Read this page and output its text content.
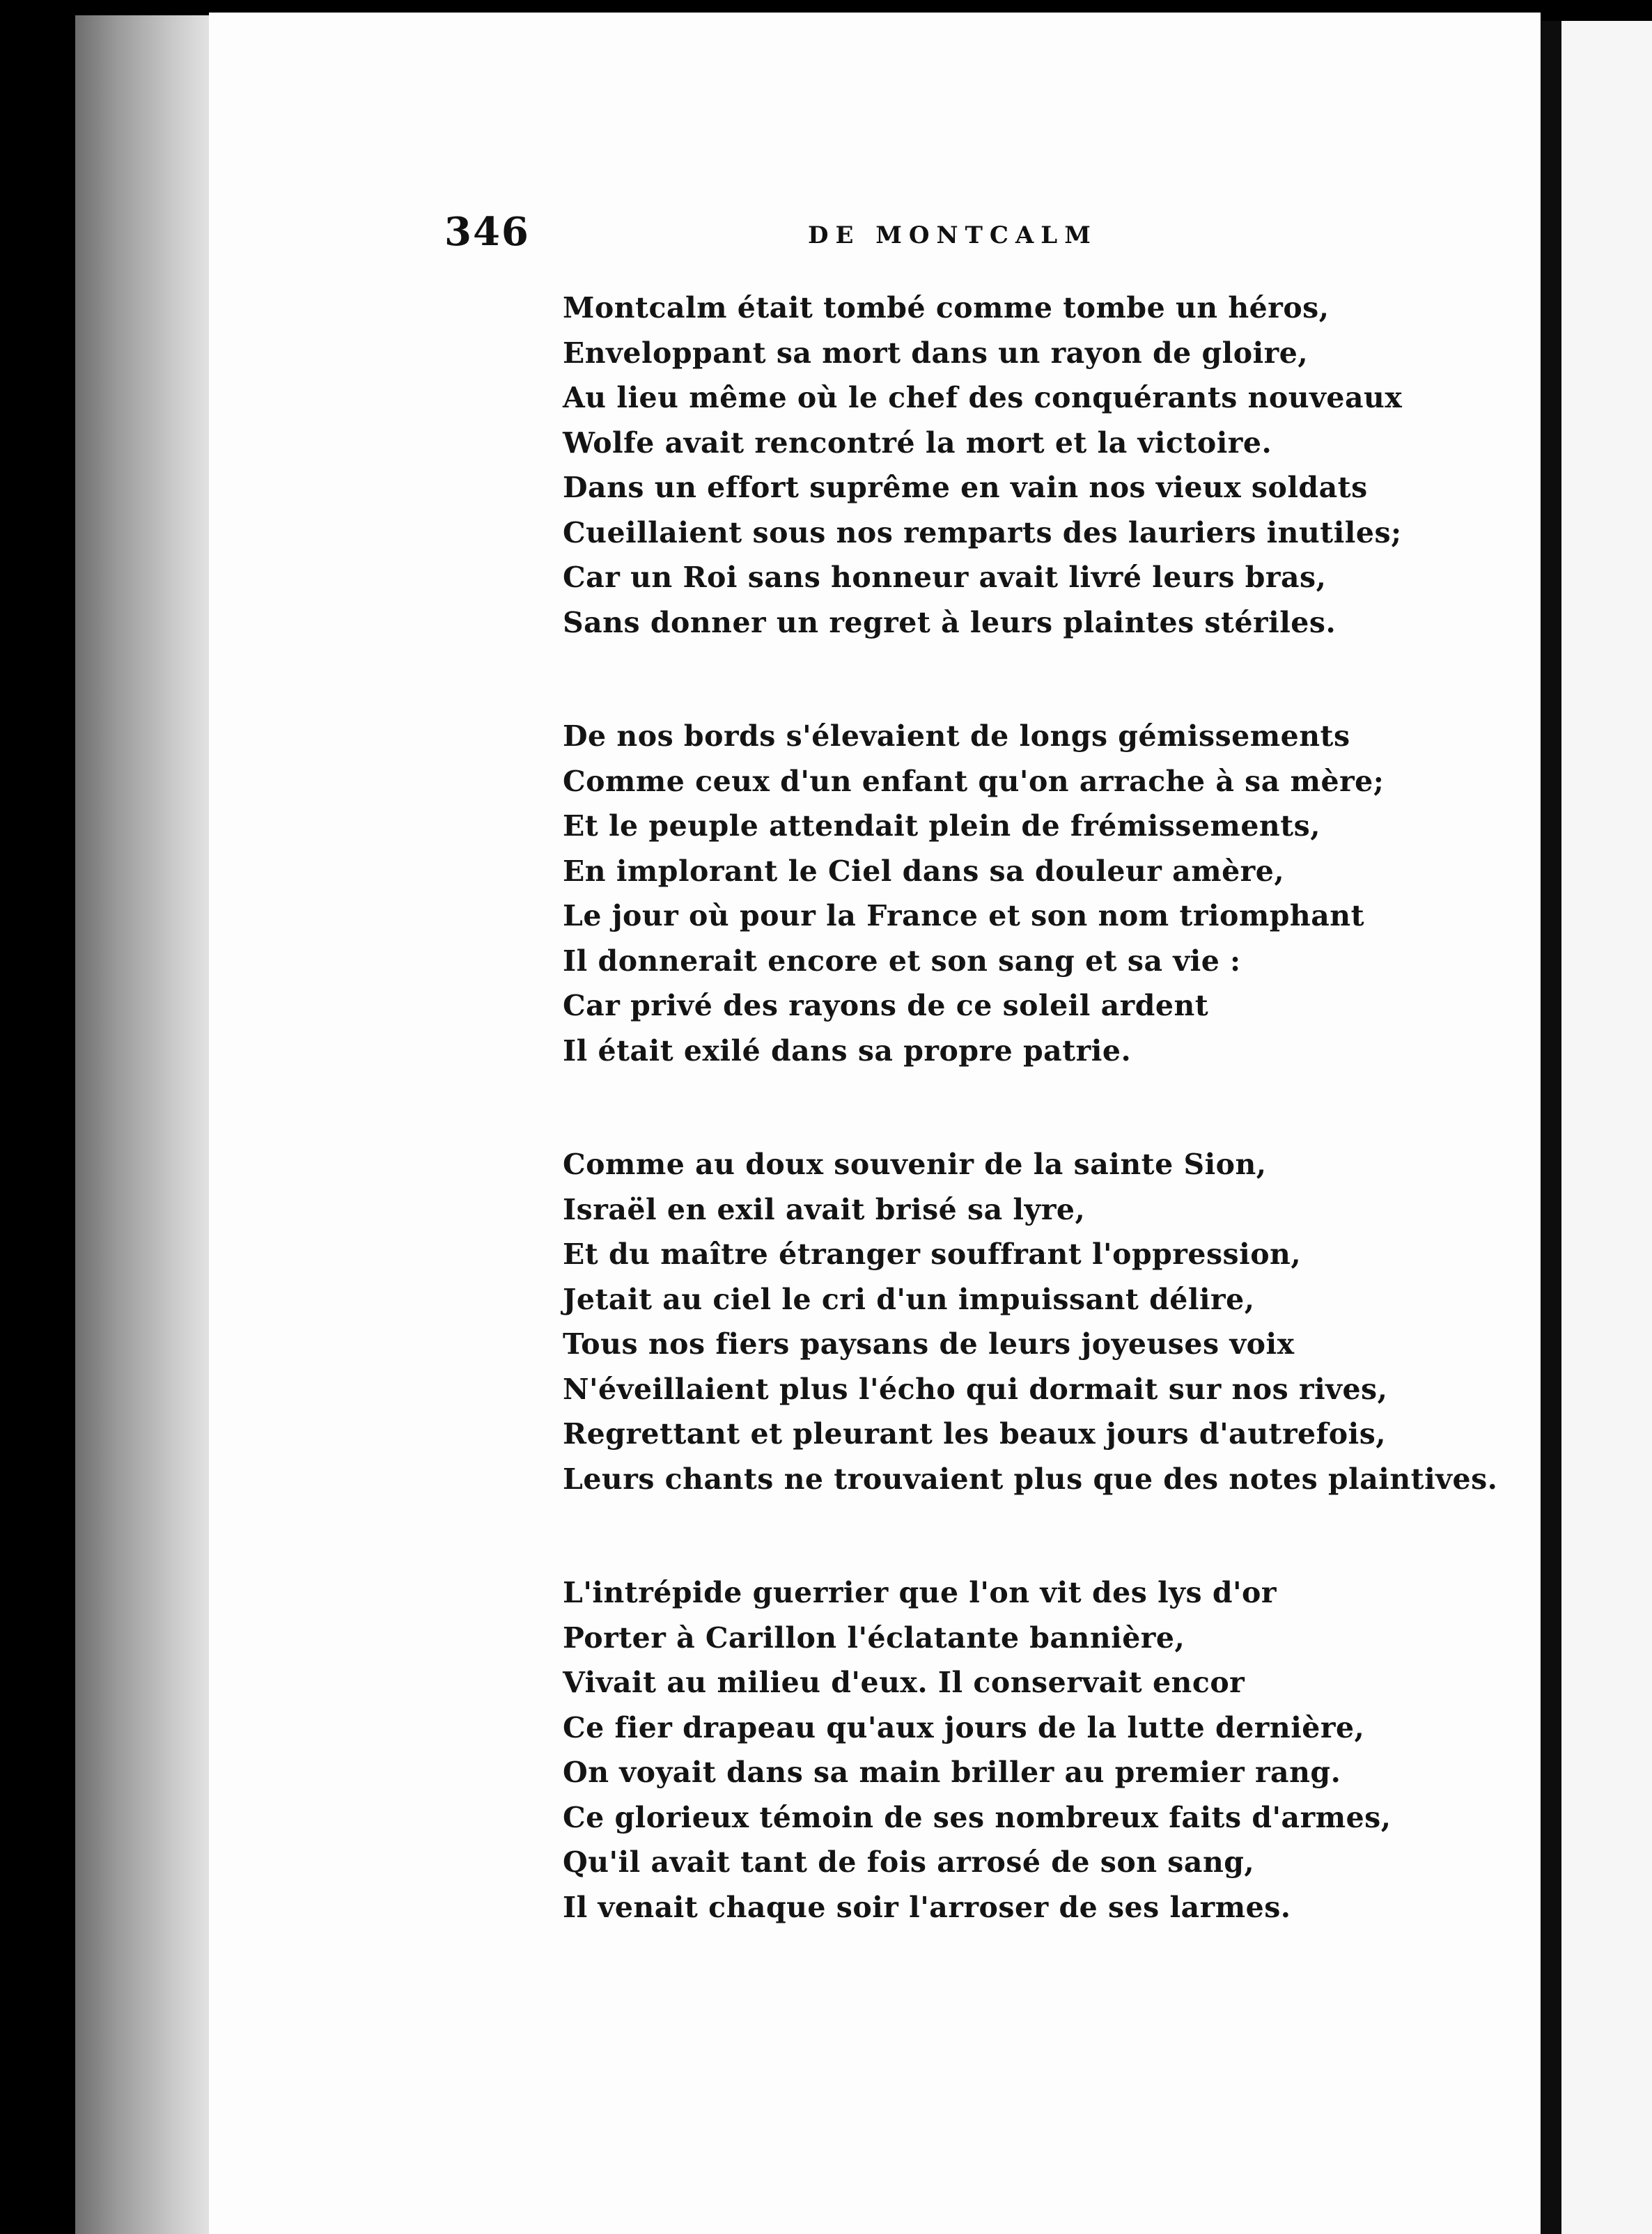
346	DE MONTCALM
Montcalm était tombé comme tombe un héros,
Enveloppant sa mort dans un rayon de gloire,
Au lieu même où le chef des conquérants nouveaux
Wolfe avait rencontré la mort et la victoire.
Dans un effort suprême en vain nos vieux soldats
Cueillaient sous nos remparts des lauriers inutiles;
Car un Roi sans honneur avait livré leurs bras,
Sans donner un regret à leurs plaintes stériles.
De nos bords s'élevaient de longs gémissements
Comme ceux d'un enfant qu'on arrache à sa mère;
Et le peuple attendait plein de frémissements,
En implorant le Ciel dans sa douleur amère,
Le jour où pour la France et son nom triomphant
Il donnerait encore et son sang et sa vie :
Car privé des rayons de ce soleil ardent
Il était exilé dans sa propre patrie.
Comme au doux souvenir de la sainte Sion,
Israël en exil avait brisé sa lyre,
Et du maître étranger souffrant l'oppression,
Jetait au ciel le cri d'un impuissant délire,
Tous nos fiers paysans de leurs joyeuses voix
N'éveillaient plus l'écho qui dormait sur nos rives,
Regrettant et pleurant les beaux jours d'autrefois,
Leurs chants ne trouvaient plus que des notes plaintives.
L'intrépide guerrier que l'on vit des lys d'or
Porter à Carillon l'éclatante bannière,
Vivait au milieu d'eux. Il conservait encor
Ce fier drapeau qu'aux jours de la lutte dernière,
On voyait dans sa main briller au premier rang.
Ce glorieux témoin de ses nombreux faits d'armes,
Qu'il avait tant de fois arrosé de son sang,
Il venait chaque soir l'arroser de ses larmes.
